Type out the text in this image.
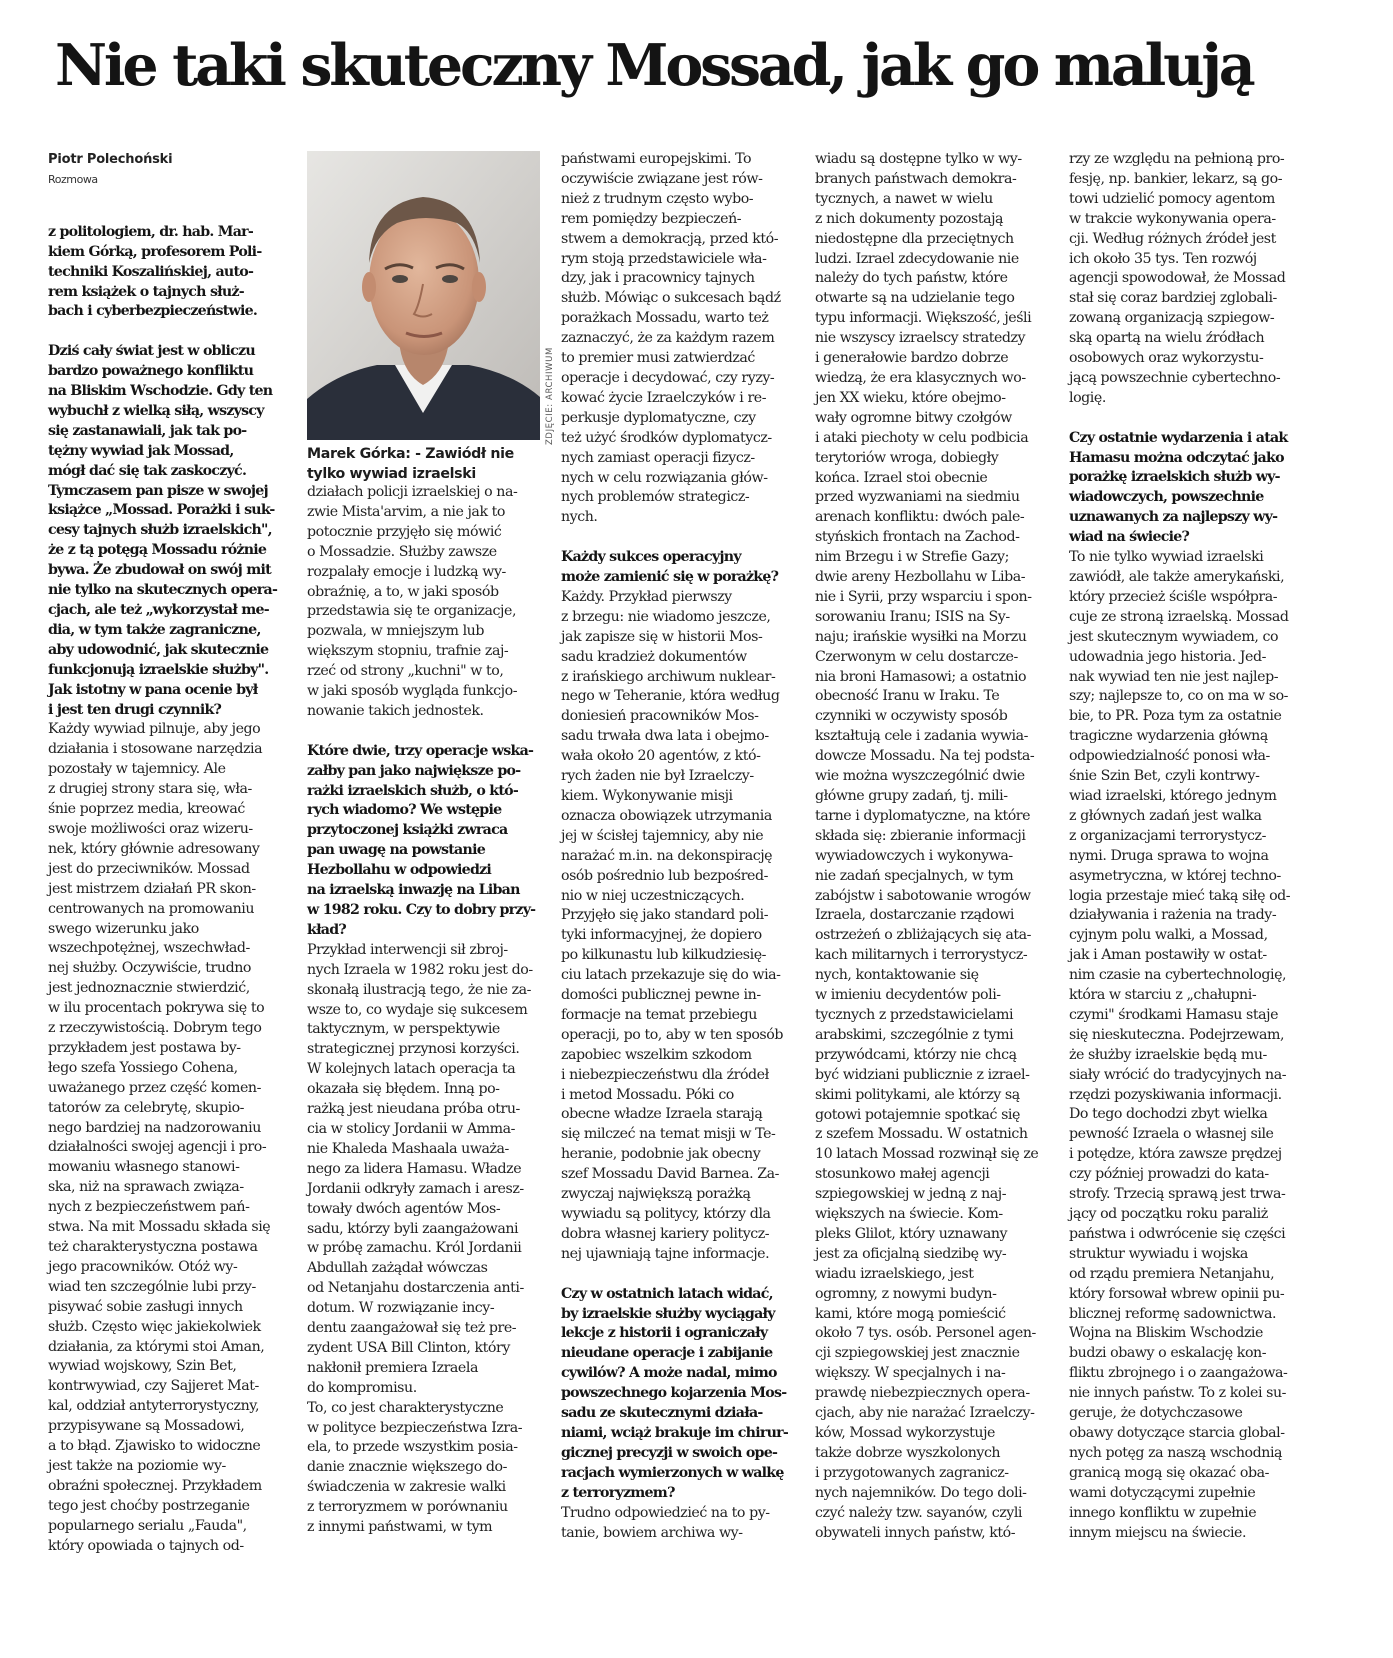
Nie taki skuteczny Mossad, jak go malują

Piotr Polechoński

Rozmowa

z politologiem, dr. hab. Mar-

kiem Górką, profesorem Poli-

techniki Koszalińskiej, auto-

rem książek o tajnych służ-

bach i cyberbezpieczeństwie.

Dziś cały świat jest w obliczu

bardzo poważnego konfliktu

na Bliskim Wschodzie. Gdy ten

wybuchł z wielką siłą, wszyscy

się zastanawiali, jak tak po-

tężny wywiad jak Mossad,

mógł dać się tak zaskoczyć.

Tymczasem pan pisze w swojej

książce „Mossad. Porażki i suk-

cesy tajnych służb izraelskich",

że z tą potęgą Mossadu różnie

bywa. Że zbudował on swój mit

nie tylko na skutecznych opera-

cjach, ale też „wykorzystał me-

dia, w tym także zagraniczne,

aby udowodnić, jak skutecznie

funkcjonują izraelskie służby".

Jak istotny w pana ocenie był

i jest ten drugi czynnik?

Każdy wywiad pilnuje, aby jego

działania i stosowane narzędzia

pozostały w tajemnicy. Ale

z drugiej strony stara się, wła-

śnie poprzez media, kreować

swoje możliwości oraz wizeru-

nek, który głównie adresowany

jest do przeciwników. Mossad

jest mistrzem działań PR skon-

centrowanych na promowaniu

swego wizerunku jako

wszechpotężnej, wszechwład-

nej służby. Oczywiście, trudno

jest jednoznacznie stwierdzić,

w ilu procentach pokrywa się to

z rzeczywistością. Dobrym tego

przykładem jest postawa by-

łego szefa Yossiego Cohena,

uważanego przez część komen-

tatorów za celebrytę, skupio-

nego bardziej na nadzorowaniu

działalności swojej agencji i pro-

mowaniu własnego stanowi-

ska, niż na sprawach związa-

nych z bezpieczeństwem pań-

stwa. Na mit Mossadu składa się

też charakterystyczna postawa

jego pracowników. Otóż wy-

wiad ten szczególnie lubi przy-

pisywać sobie zasługi innych

służb. Często więc jakiekolwiek

działania, za którymi stoi Aman,

wywiad wojskowy, Szin Bet,

kontrwywiad, czy Sajjeret Mat-

kal, oddział antyterrorystyczny,

przypisywane są Mossadowi,

a to błąd. Zjawisko to widoczne

jest także na poziomie wy-

obraźni społecznej. Przykładem

tego jest choćby postrzeganie

popularnego serialu „Fauda",

który opowiada o tajnych od-

ZDJĘCIE: ARCHIWUM

Marek Górka: - Zawiódł nie
tylko wywiad izraelski

działach policji izraelskiej o na-

zwie Mista'arvim, a nie jak to

potocznie przyjęło się mówić

o Mossadzie. Służby zawsze

rozpalały emocje i ludzką wy-

obraźnię, a to, w jaki sposób

przedstawia się te organizacje,

pozwala, w mniejszym lub

większym stopniu, trafnie zaj-

rzeć od strony „kuchni" w to,

w jaki sposób wygląda funkcjo-

nowanie takich jednostek.

Które dwie, trzy operacje wska-

załby pan jako największe po-

rażki izraelskich służb, o któ-

rych wiadomo? We wstępie

przytoczonej książki zwraca

pan uwagę na powstanie

Hezbollahu w odpowiedzi

na izraelską inwazję na Liban

w 1982 roku. Czy to dobry przy-

kład?

Przykład interwencji sił zbroj-

nych Izraela w 1982 roku jest do-

skonałą ilustracją tego, że nie za-

wsze to, co wydaje się sukcesem

taktycznym, w perspektywie

strategicznej przynosi korzyści.

W kolejnych latach operacja ta

okazała się błędem. Inną po-

rażką jest nieudana próba otru-

cia w stolicy Jordanii w Amma-

nie Khaleda Mashaala uważa-

nego za lidera Hamasu. Władze

Jordanii odkryły zamach i aresz-

towały dwóch agentów Mos-

sadu, którzy byli zaangażowani

w próbę zamachu. Król Jordanii

Abdullah zażądał wówczas

od Netanjahu dostarczenia anti-

dotum. W rozwiązanie incy-

dentu zaangażował się też pre-

zydent USA Bill Clinton, który

nakłonił premiera Izraela

do kompromisu.

To, co jest charakterystyczne

w polityce bezpieczeństwa Izra-

ela, to przede wszystkim posia-

danie znacznie większego do-

świadczenia w zakresie walki

z terroryzmem w porównaniu

z innymi państwami, w tym

państwami europejskimi. To

oczywiście związane jest rów-

nież z trudnym często wybo-

rem pomiędzy bezpieczeń-

stwem a demokracją, przed któ-

rym stoją przedstawiciele wła-

dzy, jak i pracownicy tajnych

służb. Mówiąc o sukcesach bądź

porażkach Mossadu, warto też

zaznaczyć, że za każdym razem

to premier musi zatwierdzać

operacje i decydować, czy ryzy-

kować życie Izraelczyków i re-

perkusje dyplomatyczne, czy

też użyć środków dyplomatycz-

nych zamiast operacji fizycz-

nych w celu rozwiązania głów-

nych problemów strategicz-

nych.

Każdy sukces operacyjny

może zamienić się w porażkę?

Każdy. Przykład pierwszy

z brzegu: nie wiadomo jeszcze,

jak zapisze się w historii Mos-

sadu kradzież dokumentów

z irańskiego archiwum nuklear-

nego w Teheranie, która według

doniesień pracowników Mos-

sadu trwała dwa lata i obejmo-

wała około 20 agentów, z któ-

rych żaden nie był Izraelczy-

kiem. Wykonywanie misji

oznacza obowiązek utrzymania

jej w ścisłej tajemnicy, aby nie

narażać m.in. na dekonspirację

osób pośrednio lub bezpośred-

nio w niej uczestniczących.

Przyjęło się jako standard poli-

tyki informacyjnej, że dopiero

po kilkunastu lub kilkudziesię-

ciu latach przekazuje się do wia-

domości publicznej pewne in-

formacje na temat przebiegu

operacji, po to, aby w ten sposób

zapobiec wszelkim szkodom

i niebezpieczeństwu dla źródeł

i metod Mossadu. Póki co

obecne władze Izraela starają

się milczeć na temat misji w Te-

heranie, podobnie jak obecny

szef Mossadu David Barnea. Za-

zwyczaj największą porażką

wywiadu są politycy, którzy dla

dobra własnej kariery politycz-

nej ujawniają tajne informacje.

Czy w ostatnich latach widać,

by izraelskie służby wyciągały

lekcje z historii i ograniczały

nieudane operacje i zabijanie

cywilów? A może nadal, mimo

powszechnego kojarzenia Mos-

sadu ze skutecznymi działa-

niami, wciąż brakuje im chirur-

gicznej precyzji w swoich ope-

racjach wymierzonych w walkę

z terroryzmem?

Trudno odpowiedzieć na to py-

tanie, bowiem archiwa wy-

wiadu są dostępne tylko w wy-

branych państwach demokra-

tycznych, a nawet w wielu

z nich dokumenty pozostają

niedostępne dla przeciętnych

ludzi. Izrael zdecydowanie nie

należy do tych państw, które

otwarte są na udzielanie tego

typu informacji. Większość, jeśli

nie wszyscy izraelscy stratedzy

i generałowie bardzo dobrze

wiedzą, że era klasycznych wo-

jen XX wieku, które obejmo-

wały ogromne bitwy czołgów

i ataki piechoty w celu podbicia

terytoriów wroga, dobiegły

końca. Izrael stoi obecnie

przed wyzwaniami na siedmiu

arenach konfliktu: dwóch pale-

styńskich frontach na Zachod-

nim Brzegu i w Strefie Gazy;

dwie areny Hezbollahu w Liba-

nie i Syrii, przy wsparciu i spon-

sorowaniu Iranu; ISIS na Sy-

naju; irańskie wysiłki na Morzu

Czerwonym w celu dostarcze-

nia broni Hamasowi; a ostatnio

obecność Iranu w Iraku. Te

czynniki w oczywisty sposób

kształtują cele i zadania wywia-

dowcze Mossadu. Na tej podsta-

wie można wyszczególnić dwie

główne grupy zadań, tj. mili-

tarne i dyplomatyczne, na które

składa się: zbieranie informacji

wywiadowczych i wykonywa-

nie zadań specjalnych, w tym

zabójstw i sabotowanie wrogów

Izraela, dostarczanie rządowi

ostrzeżeń o zbliżających się ata-

kach militarnych i terrorystycz-

nych, kontaktowanie się

w imieniu decydentów poli-

tycznych z przedstawicielami

arabskimi, szczególnie z tymi

przywódcami, którzy nie chcą

być widziani publicznie z izrael-

skimi politykami, ale którzy są

gotowi potajemnie spotkać się

z szefem Mossadu. W ostatnich

10 latach Mossad rozwinął się ze

stosunkowo małej agencji

szpiegowskiej w jedną z naj-

większych na świecie. Kom-

pleks Glilot, który uznawany

jest za oficjalną siedzibę wy-

wiadu izraelskiego, jest

ogromny, z nowymi budyn-

kami, które mogą pomieścić

około 7 tys. osób. Personel agen-

cji szpiegowskiej jest znacznie

większy. W specjalnych i na-

prawdę niebezpiecznych opera-

cjach, aby nie narażać Izraelczy-

ków, Mossad wykorzystuje

także dobrze wyszkolonych

i przygotowanych zagranicz-

nych najemników. Do tego doli-

czyć należy tzw. sayanów, czyli

obywateli innych państw, któ-

rzy ze względu na pełnioną pro-

fesję, np. bankier, lekarz, są go-

towi udzielić pomocy agentom

w trakcie wykonywania opera-

cji. Według różnych źródeł jest

ich około 35 tys. Ten rozwój

agencji spowodował, że Mossad

stał się coraz bardziej zglobali-

zowaną organizacją szpiegow-

ską opartą na wielu źródłach

osobowych oraz wykorzystu-

jącą powszechnie cybertechno-

logię.

Czy ostatnie wydarzenia i atak

Hamasu można odczytać jako

porażkę izraelskich służb wy-

wiadowczych, powszechnie

uznawanych za najlepszy wy-

wiad na świecie?

To nie tylko wywiad izraelski

zawiódł, ale także amerykański,

który przecież ściśle współpra-

cuje ze stroną izraelską. Mossad

jest skutecznym wywiadem, co

udowadnia jego historia. Jed-

nak wywiad ten nie jest najlep-

szy; najlepsze to, co on ma w so-

bie, to PR. Poza tym za ostatnie

tragiczne wydarzenia główną

odpowiedzialność ponosi wła-

śnie Szin Bet, czyli kontrwy-

wiad izraelski, którego jednym

z głównych zadań jest walka

z organizacjami terrorystycz-

nymi. Druga sprawa to wojna

asymetryczna, w której techno-

logia przestaje mieć taką siłę od-

działywania i rażenia na trady-

cyjnym polu walki, a Mossad,

jak i Aman postawiły w ostat-

nim czasie na cybertechnologię,

która w starciu z „chałupni-

czymi" środkami Hamasu staje

się nieskuteczna. Podejrzewam,

że służby izraelskie będą mu-

siały wrócić do tradycyjnych na-

rzędzi pozyskiwania informacji.

Do tego dochodzi zbyt wielka

pewność Izraela o własnej sile

i potędze, która zawsze prędzej

czy później prowadzi do kata-

strofy. Trzecią sprawą jest trwa-

jący od początku roku paraliż

państwa i odwrócenie się części

struktur wywiadu i wojska

od rządu premiera Netanjahu,

który forsował wbrew opinii pu-

blicznej reformę sadownictwa.

Wojna na Bliskim Wschodzie

budzi obawy o eskalację kon-

fliktu zbrojnego i o zaangażowa-

nie innych państw. To z kolei su-

geruje, że dotychczasowe

obawy dotyczące starcia global-

nych potęg za naszą wschodnią

granicą mogą się okazać oba-

wami dotyczącymi zupełnie

innego konfliktu w zupełnie

innym miejscu na świecie.
